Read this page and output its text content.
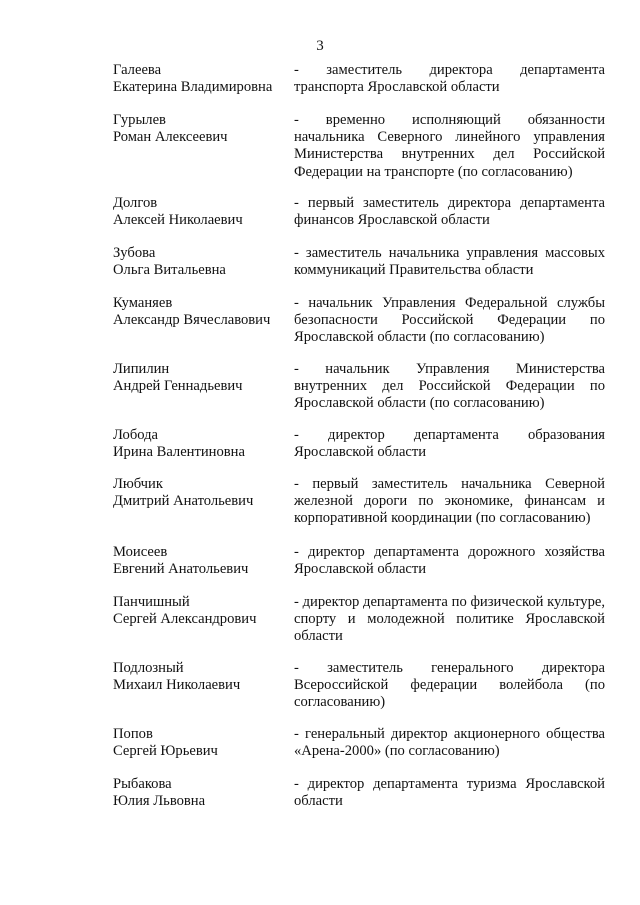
3
Галеева
Екатерина Владимировна
- заместитель директора департамента транспорта Ярославской области
Гурылев
Роман Алексеевич
- временно исполняющий обязанности начальника Северного линейного управления Министерства внутренних дел Российской Федерации на транспорте (по согласованию)
Долгов
Алексей Николаевич
- первый заместитель директора департамента финансов Ярославской области
Зубова
Ольга Витальевна
- заместитель начальника управления массовых коммуникаций Правительства области
Куманяев
Александр Вячеславович
- начальник Управления Федеральной службы безопасности Российской Федерации по Ярославской области (по согласованию)
Липилин
Андрей Геннадьевич
- начальник Управления Министерства внутренних дел Российской Федерации по Ярославской области (по согласованию)
Лобода
Ирина Валентиновна
- директор департамента образования Ярославской области
Любчик
Дмитрий Анатольевич
- первый заместитель начальника Северной железной дороги по экономике, финансам и корпоративной координации (по согласованию)
Моисеев
Евгений Анатольевич
- директор департамента дорожного хозяйства Ярославской области
Панчишный
Сергей Александрович
- директор департамента по физической культуре, спорту и молодежной политике Ярославской области
Подлозный
Михаил Николаевич
- заместитель генерального директора Всероссийской федерации волейбола (по согласованию)
Попов
Сергей Юрьевич
- генеральный директор акционерного общества «Арена-2000» (по согласованию)
Рыбакова
Юлия Львовна
- директор департамента туризма Ярославской области
